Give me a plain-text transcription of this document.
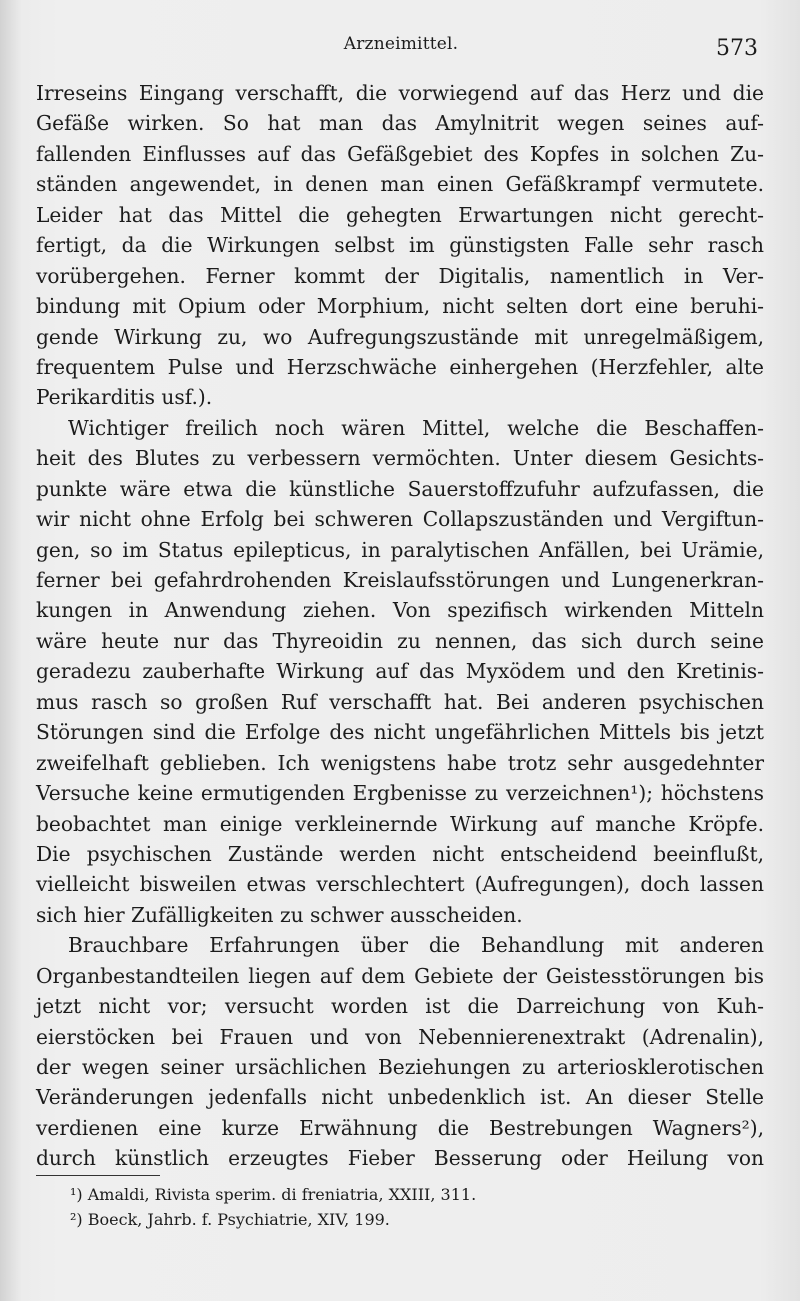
Arzneimittel.	573
Irreseins Eingang verschafft, die vorwiegend auf das Herz und die
Gefäße wirken. So hat man das Amylnitrit wegen seines auf-
fallenden Einflusses auf das Gefäßgebiet des Kopfes in solchen Zu-
ständen angewendet, in denen man einen Gefäßkrampf vermutete.
Leider hat das Mittel die gehegten Erwartungen nicht gerecht-
fertigt, da die Wirkungen selbst im günstigsten Falle sehr rasch
vorübergehen. Ferner kommt der Digitalis, namentlich in Ver-
bindung mit Opium oder Morphium, nicht selten dort eine beruhi-
gende Wirkung zu, wo Aufregungszustände mit unregelmäßigem,
frequentem Pulse und Herzschwäche einhergehen (Herzfehler, alte
Perikarditis usf.).
Wichtiger freilich noch wären Mittel, welche die Beschaffen-
heit des Blutes zu verbessern vermöchten. Unter diesem Gesichts-
punkte wäre etwa die künstliche Sauerstoffzufuhr aufzufassen, die
wir nicht ohne Erfolg bei schweren Collapszuständen und Vergiftun-
gen, so im Status epilepticus, in paralytischen Anfällen, bei Urämie,
ferner bei gefahrdrohenden Kreislaufsstörungen und Lungenerkran-
kungen in Anwendung ziehen. Von spezifisch wirkenden Mitteln
wäre heute nur das Thyreoidin zu nennen, das sich durch seine
geradezu zauberhafte Wirkung auf das Myxödem und den Kretinis-
mus rasch so großen Ruf verschafft hat. Bei anderen psychischen
Störungen sind die Erfolge des nicht ungefährlichen Mittels bis jetzt
zweifelhaft geblieben. Ich wenigstens habe trotz sehr ausgedehnter
Versuche keine ermutigenden Ergbenisse zu verzeichnen¹); höchstens
beobachtet man einige verkleinernde Wirkung auf manche Kröpfe.
Die psychischen Zustände werden nicht entscheidend beeinflußt,
vielleicht bisweilen etwas verschlechtert (Aufregungen), doch lassen
sich hier Zufälligkeiten zu schwer ausscheiden.
Brauchbare Erfahrungen über die Behandlung mit anderen
Organbestandteilen liegen auf dem Gebiete der Geistesstörungen bis
jetzt nicht vor; versucht worden ist die Darreichung von Kuh-
eierstöcken bei Frauen und von Nebennierenextrakt (Adrenalin),
der wegen seiner ursächlichen Beziehungen zu arteriosklerotischen
Veränderungen jedenfalls nicht unbedenklich ist. An dieser Stelle
verdienen eine kurze Erwähnung die Bestrebungen Wagners²),
durch künstlich erzeugtes Fieber Besserung oder Heilung von
¹) Amaldi, Rivista sperim. di freniatria, XXIII, 311.
²) Boeck, Jahrb. f. Psychiatrie, XIV, 199.
